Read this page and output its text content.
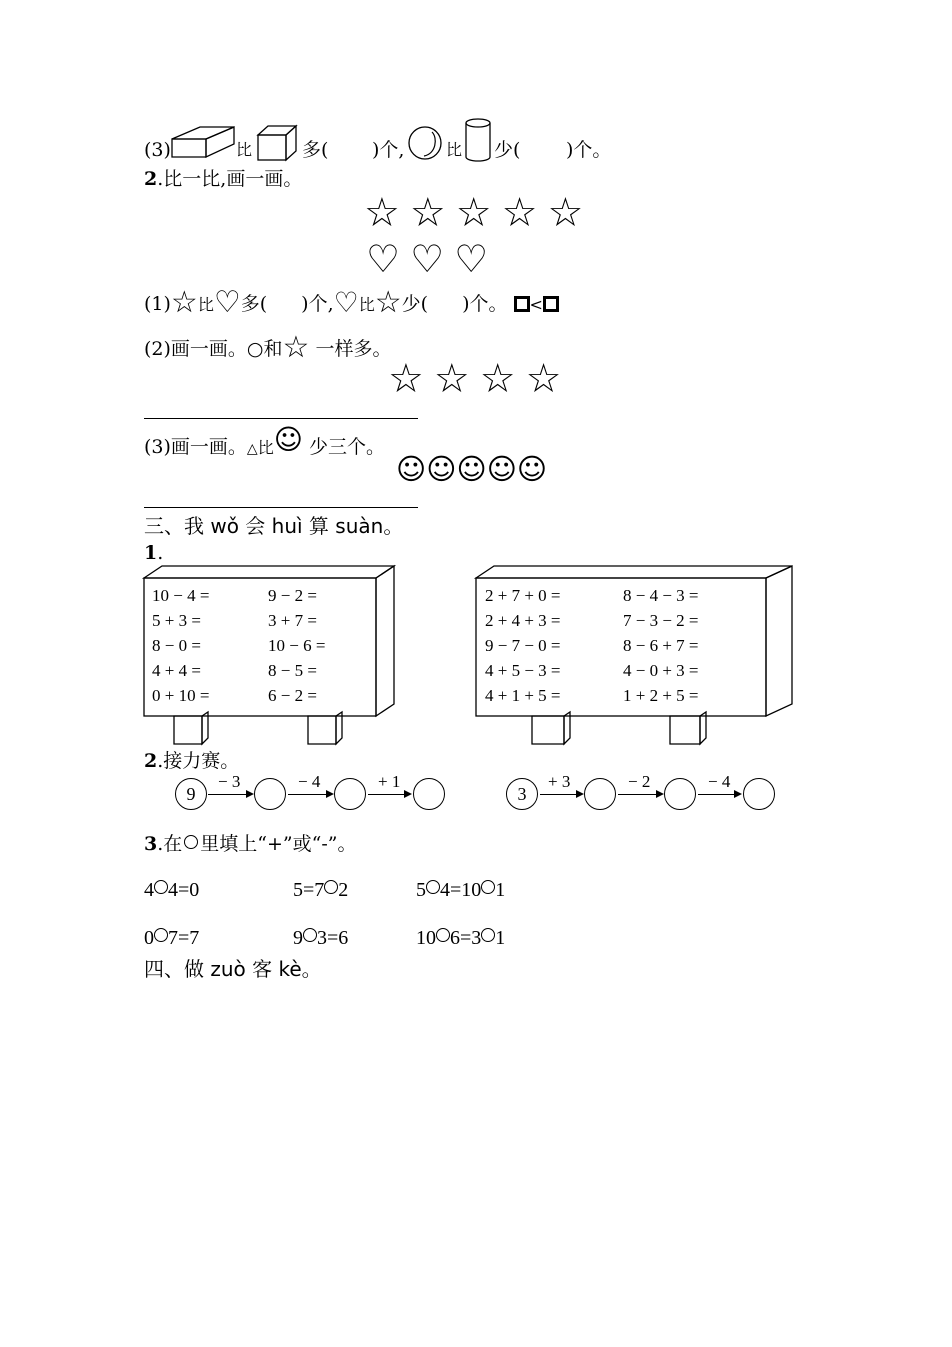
(3)	比	多( )个,	比 少( )个。
2.比一比,画一画。
☆☆☆☆☆
♡♡♡
(1)☆比♡多( )个,♡比☆少( )个。 <
(2)画一画。○和☆ 一样多。
☆☆☆☆
(3)画一画。△比☺ 少三个。
☺☺☺☺☺
三、我 wǒ 会 huì 算 suàn。
1.
10 − 4 =	9 − 2 =
5 + 3 =	3 + 7 =
8 − 0 =	10 − 6 =
4 + 4 =	8 − 5 =
0 + 10 =	6 − 2 =
2 + 7 + 0 =	8 − 4 − 3 =
2 + 4 + 3 =	7 − 3 − 2 =
9 − 7 − 0 =	8 − 6 + 7 =
4 + 5 − 3 =	4 − 0 + 3 =
4 + 1 + 5 =	1 + 2 + 5 =
2.接力赛。
9
− 3	− 4	+ 1
3
+ 3	− 2	− 4
3.在 里填上“+”或“-”。
4 4=0	5=7 2	5 4=10 1
0 7=7	9 3=6	10 6=3 1
四、做 zuò 客 kè。
